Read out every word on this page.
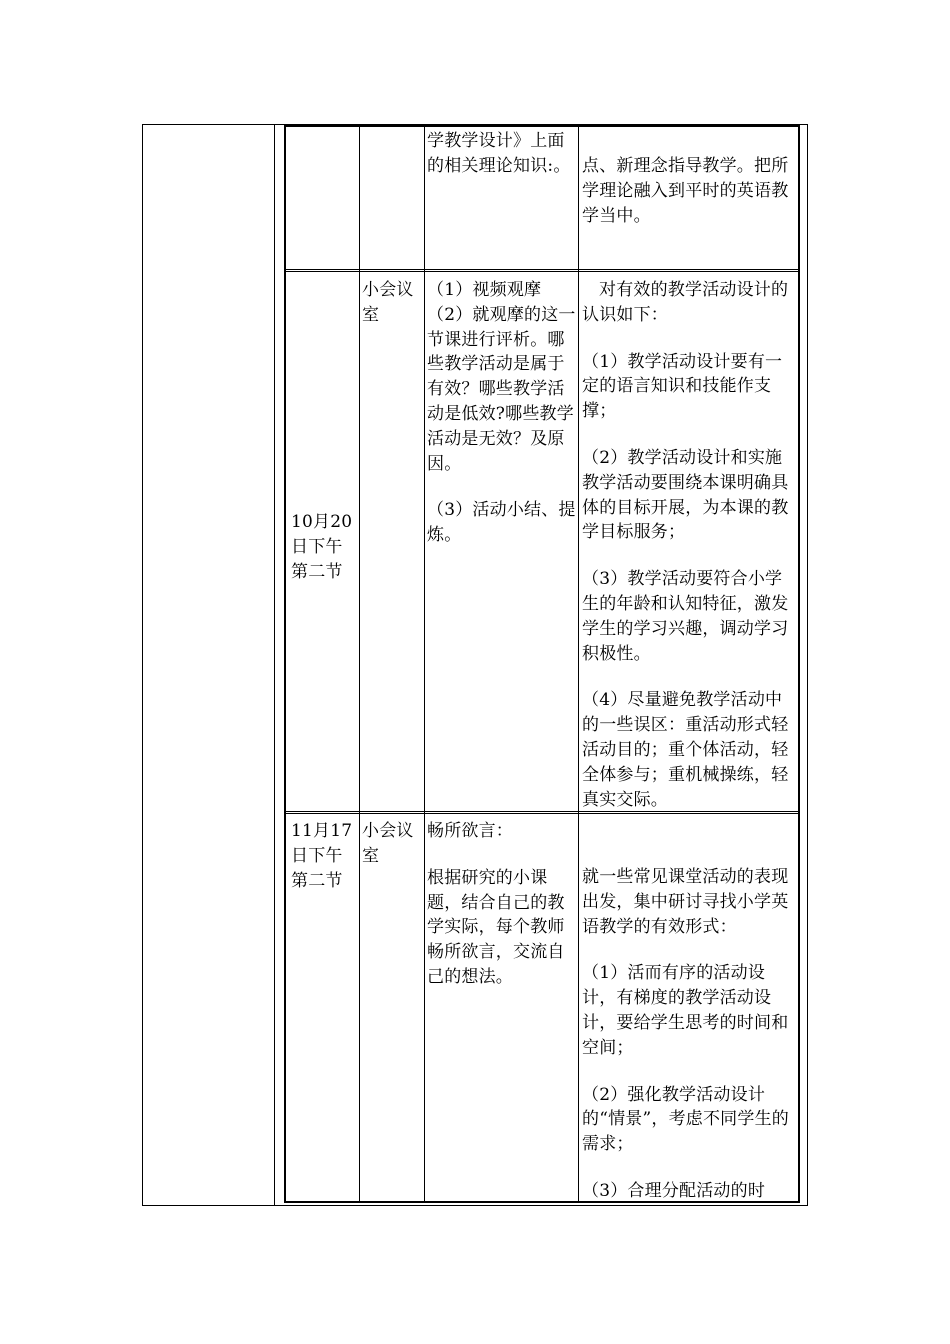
学教学设计》上面的相关理论知识:。 点、新理念指导教学。把所学理论融入到平时的英语教学当中。

10月20日下午第二节
小会议室

（1）视频观摩

（2）就观摩的这一节课进行评析。哪些教学活动是属于有效？哪些教学活动是低效?哪些教学活动是无效？及原因。

（3）活动小结、提炼。

对有效的教学活动设计的认识如下：

（1）教学活动设计要有一定的语言知识和技能作支撑；

（2）教学活动设计和实施教学活动要围绕本课明确具体的目标开展，为本课的教学目标服务；

（3）教学活动要符合小学生的年龄和认知特征，激发学生的学习兴趣，调动学习积极性。

（4）尽量避免教学活动中的一些误区：重活动形式轻活动目的；重个体活动，轻全体参与；重机械操练，轻真实交际。

11月17日下午第二节
小会议室

畅所欲言：

根据研究的小课题，结合自己的教学实际，每个教师畅所欲言，交流自己的想法。

就一些常见课堂活动的表现出发，集中研讨寻找小学英语教学的有效形式：

（1）活而有序的活动设计，有梯度的教学活动设计，要给学生思考的时间和空间；

（2）强化教学活动设计的“情景”，考虑不同学生的需求；

（3）合理分配活动的时
